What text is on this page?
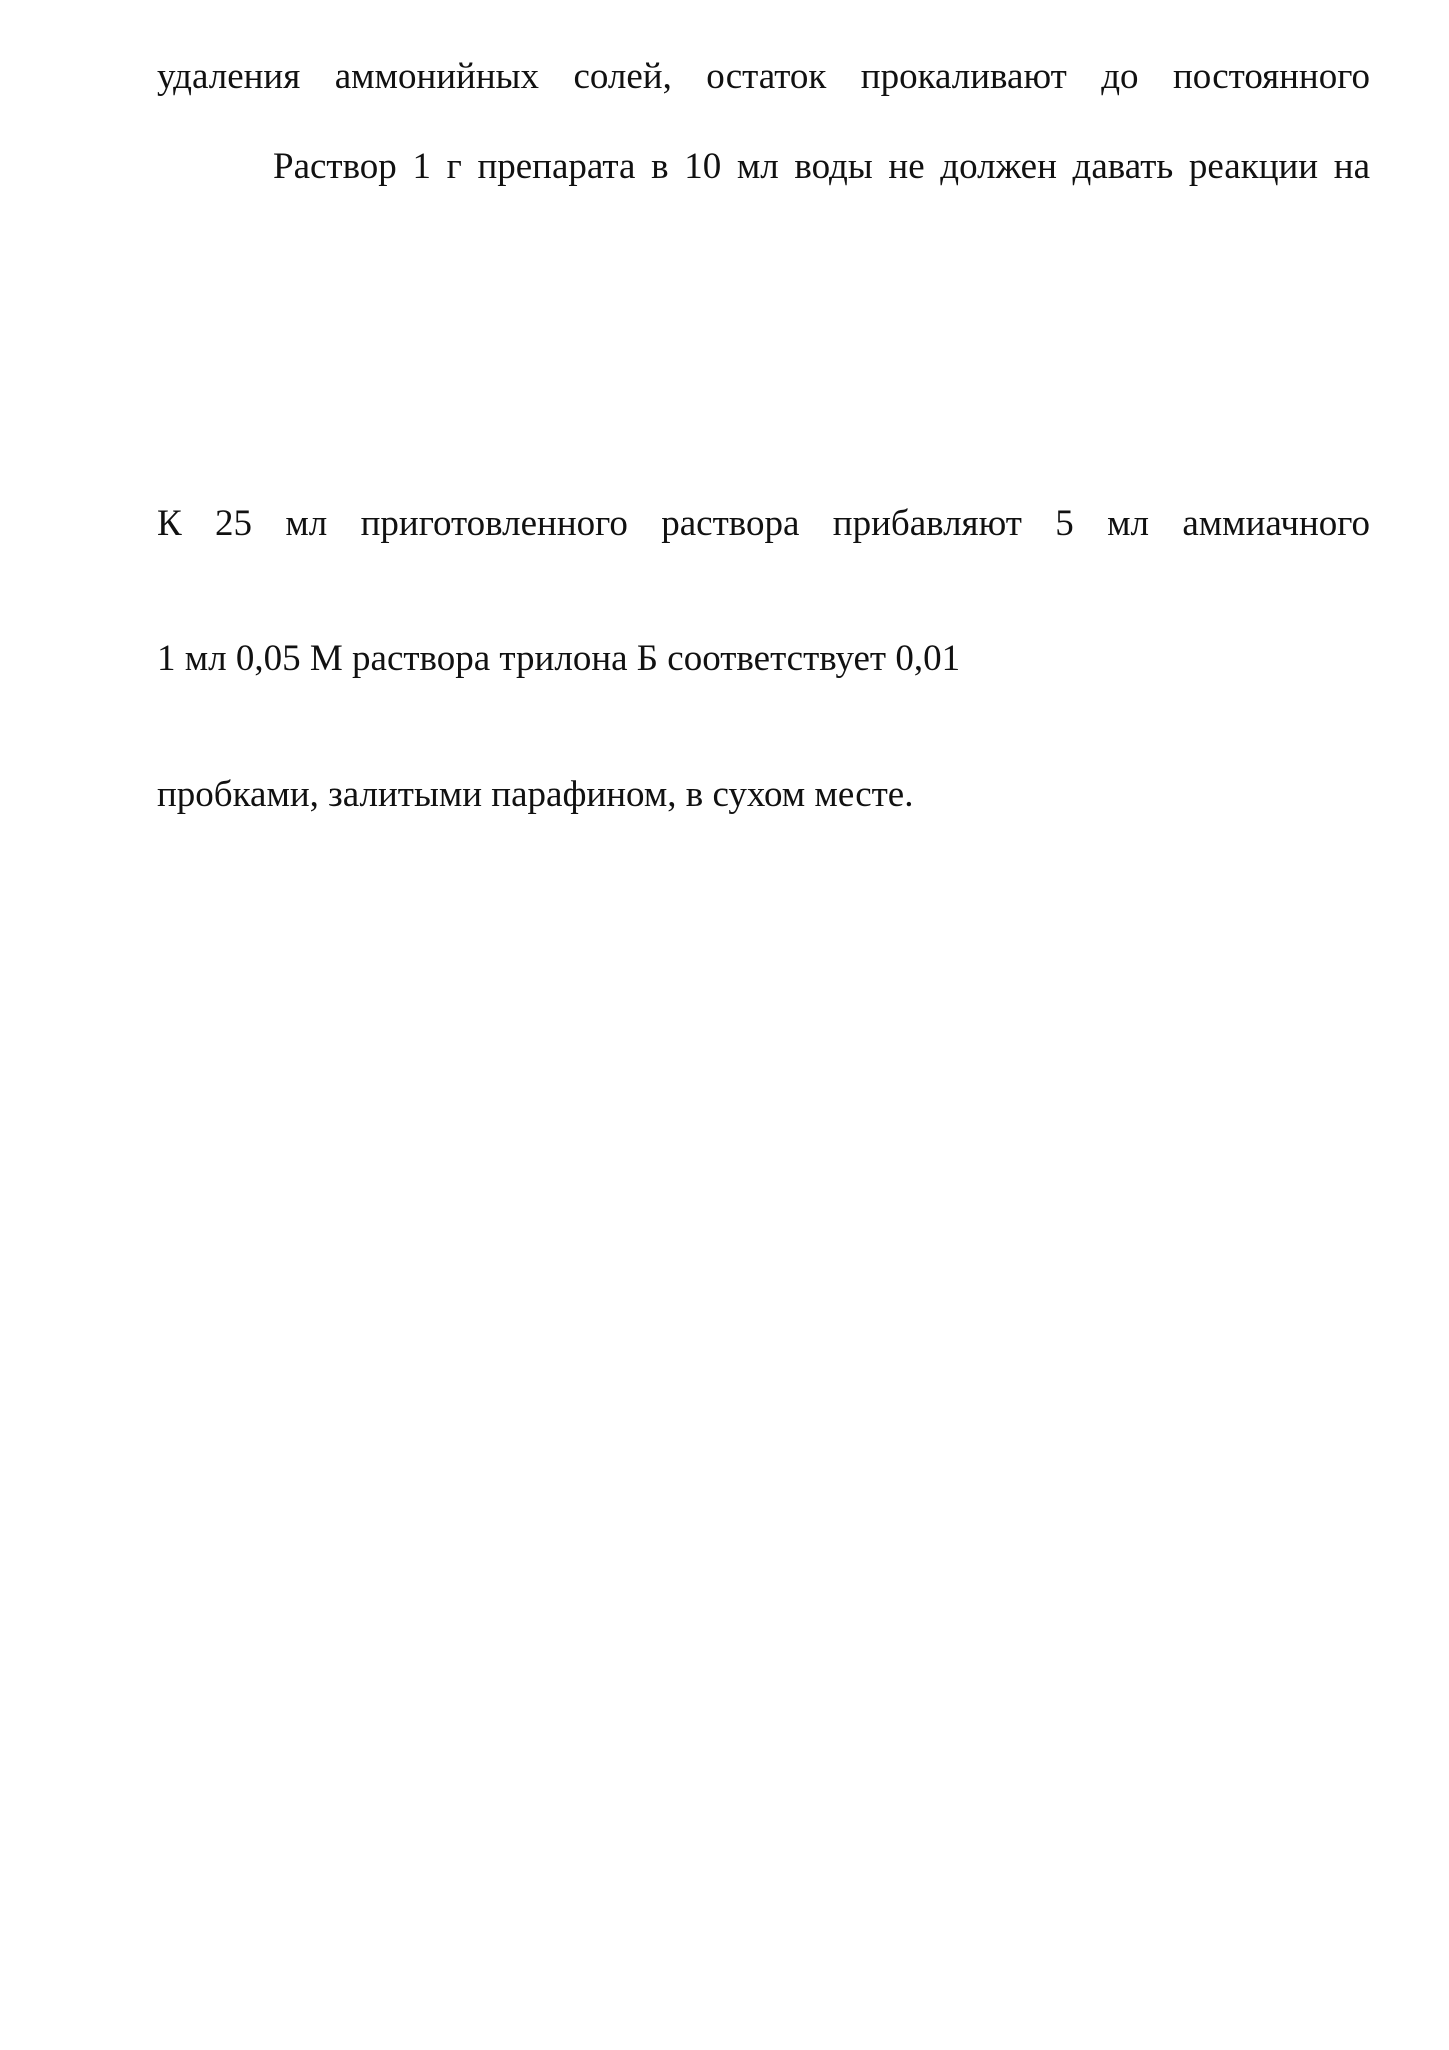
удаления аммонийных солей, остаток прокаливают до постоянного
Раствор 1 г препарата в 10 мл воды не должен давать реакции на
К 25 мл приготовленного раствора прибавляют 5 мл аммиачного
1 мл 0,05 М раствора трилона Б соответствует 0,01
пробками, залитыми парафином, в сухом месте.
